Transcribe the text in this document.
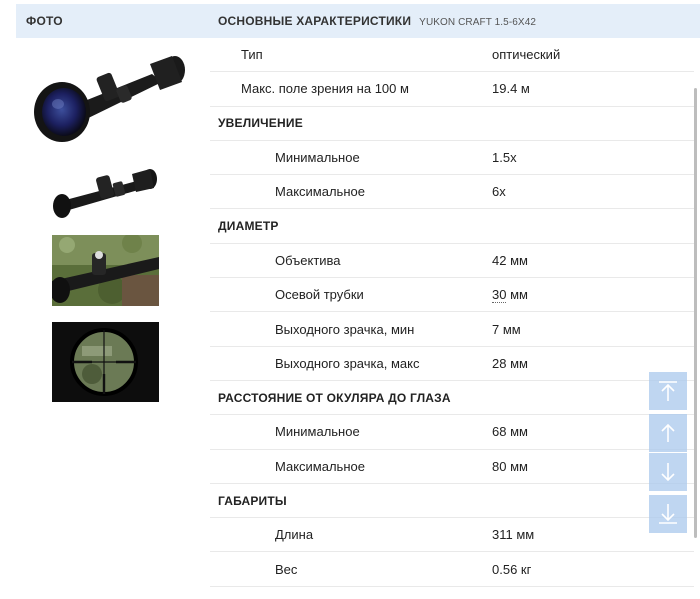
ФОТО	ОСНОВНЫЕ ХАРАКТЕРИСТИКИ YUKON CRAFT 1.5-6X42
Тип	оптический
Макс. поле зрения на 100 м	19.4 м
УВЕЛИЧЕНИЕ
Минимальное	1.5x
Максимальное	6x
ДИАМЕТР
Объектива	42 мм
Осевой трубки	30 мм
Выходного зрачка, мин	7 мм
Выходного зрачка, макс	28 мм
РАССТОЯНИЕ ОТ ОКУЛЯРА ДО ГЛАЗА
Минимальное	68 мм
Максимальное	80 мм
ГАБАРИТЫ
Длина	311 мм
Вес	0.56 кг
